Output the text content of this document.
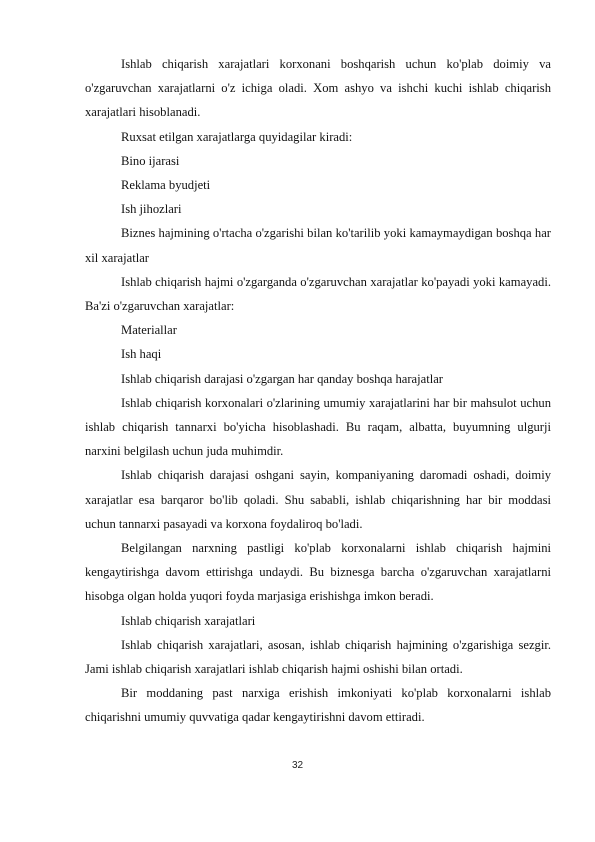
Ishlab chiqarish xarajatlari korxonani boshqarish uchun ko'plab doimiy va o'zgaruvchan xarajatlarni o'z ichiga oladi. Xom ashyo va ishchi kuchi ishlab chiqarish xarajatlari hisoblanadi.

Ruxsat etilgan xarajatlarga quyidagilar kiradi:

Bino ijarasi

Reklama byudjeti

Ish jihozlari

Biznes hajmining o'rtacha o'zgarishi bilan ko'tarilib yoki kamaymaydigan boshqa har xil xarajatlar

Ishlab chiqarish hajmi o'zgarganda o'zgaruvchan xarajatlar ko'payadi yoki kamayadi. Ba'zi o'zgaruvchan xarajatlar:

Materiallar

Ish haqi

Ishlab chiqarish darajasi o'zgargan har qanday boshqa harajatlar

Ishlab chiqarish korxonalari o'zlarining umumiy xarajatlarini har bir mahsulot uchun ishlab chiqarish tannarxi bo'yicha hisoblashadi. Bu raqam, albatta, buyumning ulgurji narxini belgilash uchun juda muhimdir.

Ishlab chiqarish darajasi oshgani sayin, kompaniyaning daromadi oshadi, doimiy xarajatlar esa barqaror bo'lib qoladi. Shu sababli, ishlab chiqarishning har bir moddasi uchun tannarxi pasayadi va korxona foydaliroq bo'ladi.

Belgilangan narxning pastligi ko'plab korxonalarni ishlab chiqarish hajmini kengaytirishga davom ettirishga undaydi. Bu biznesga barcha o'zgaruvchan xarajatlarni hisobga olgan holda yuqori foyda marjasiga erishishga imkon beradi.

Ishlab chiqarish xarajatlari

Ishlab chiqarish xarajatlari, asosan, ishlab chiqarish hajmining o'zgarishiga sezgir. Jami ishlab chiqarish xarajatlari ishlab chiqarish hajmi oshishi bilan ortadi.

Bir moddaning past narxiga erishish imkoniyati ko'plab korxonalarni ishlab chiqarishni umumiy quvvatiga qadar kengaytirishni davom ettiradi.

32
